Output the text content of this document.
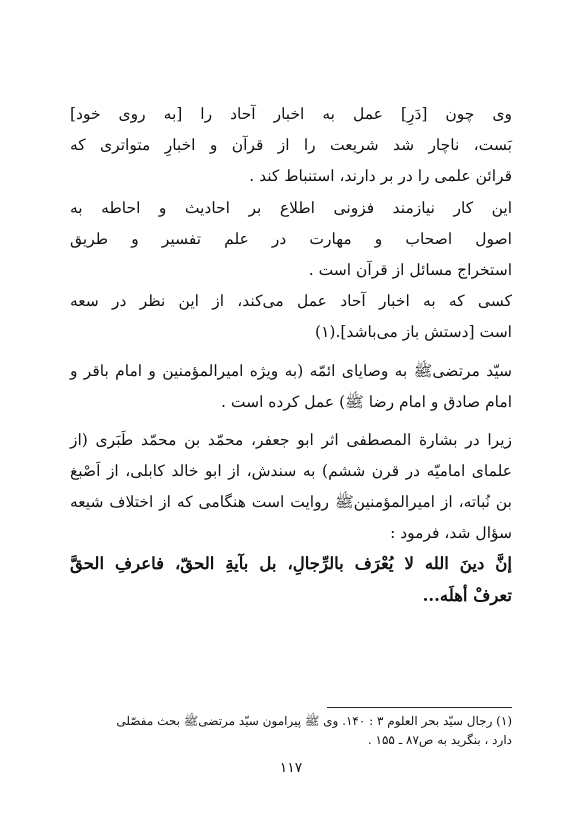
وی چون [دَرِ] عمل به اخبار آحاد را [به روی خود]
بَست، ناچار شد شریعت را از قرآن و اخبارِ متواتری که
قرائن علمی را در بر دارند، استنباط کند .
این کار نیازمند فزونی اطلاع بر احادیث و احاطه به
اصول اصحاب و مهارت در علم تفسیر و طریق
استخراج مسائل از قرآن است .
کسی که به اخبار آحاد عمل می‌کند، از این نظر در سعه
است [دستش باز می‌باشد].(۱)
سیّد مرتضی‌ﷺ به وصایای ائمّه (به ویژه امیرالمؤمنین و امام باقر و
امام صادق و امام رضا ﷺ) عمل کرده است .
زیرا در بشارة المصطفی اثر ابو جعفر، محمّد بن محمّد طَبَری (از
علمای امامیّه در قرن ششم) به سندش، از ابو خالد کابلی، از اَصْبغ
بن نُباته، از امیرالمؤمنین‌ﷺ روایت است هنگامی که از اختلاف شیعه
سؤال شد، فرمود :
إنَّ دینَ الله لا یُعْرَف بالرِّجالِ، بل بآیةِ الحقّ، فاعرفِ الحقَّ
تعرفْ أهلَه...
(۱) رجال سیّد بحر العلوم ۳ : ۱۴۰. وی ﷺ پیرامون سیّد مرتضی‌ﷺ بحث مفصّلی
دارد ، بنگرید به ص۸۷ ـ ۱۵۵ .
۱۱۷
